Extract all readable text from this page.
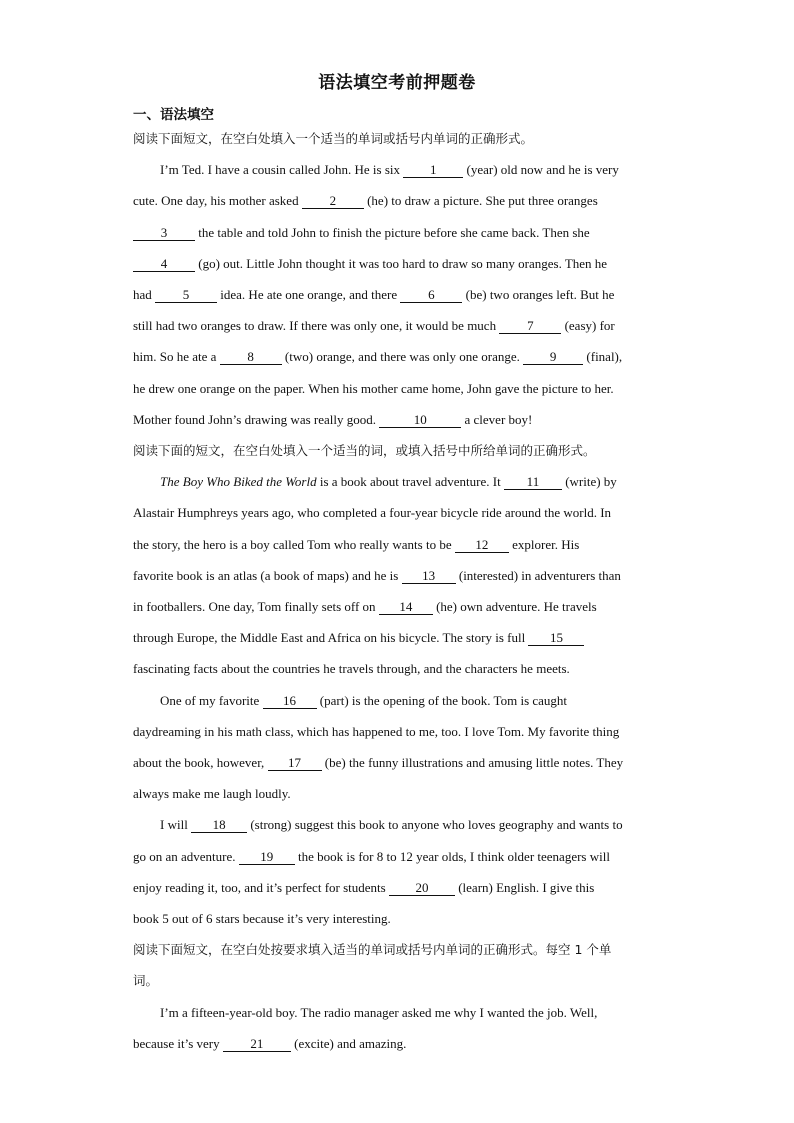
语法填空考前押题卷
一、语法填空
阅读下面短文，在空白处填入一个适当的单词或括号内单词的正确形式。
I’m Ted. I have a cousin called John. He is six 1 (year) old now and he is very
cute. One day, his mother asked 2 (he) to draw a picture. She put three oranges
3 the table and told John to finish the picture before she came back. Then she
4 (go) out. Little John thought it was too hard to draw so many oranges. Then he
had 5 idea. He ate one orange, and there 6 (be) two oranges left. But he
still had two oranges to draw. If there was only one, it would be much 7 (easy) for
him. So he ate a 8 (two) orange, and there was only one orange. 9 (final),
he drew one orange on the paper. When his mother came home, John gave the picture to her.
Mother found John’s drawing was really good.	10	a clever boy!
阅读下面的短文，在空白处填入一个适当的词，或填入括号中所给单词的正确形式。
The Boy Who Biked the World is a book about travel adventure. It 11 (write) by
Alastair Humphreys years ago, who completed a four-year bicycle ride around the world. In
the story, the hero is a boy called Tom who really wants to be 12 explorer. His
favorite book is an atlas (a book of maps) and he is 13 (interested) in adventurers than
in footballers. One day, Tom finally sets off on 14 (he) own adventure. He travels
through Europe, the Middle East and Africa on his bicycle. The story is full 15
fascinating facts about the countries he travels through, and the characters he meets.
One of my favorite 16 (part) is the opening of the book. Tom is caught
daydreaming in his math class, which has happened to me, too. I love Tom. My favorite thing
about the book, however, 17 (be) the funny illustrations and amusing little notes. They
always make me laugh loudly.
I will 18 (strong) suggest this book to anyone who loves geography and wants to
go on an adventure. 19 the book is for 8 to 12 year olds, I think older teenagers will
enjoy reading it, too, and it’s perfect for students 20 (learn) English. I give this
book 5 out of 6 stars because it’s very interesting.
阅读下面短文，在空白处按要求填入适当的单词或括号内单词的正确形式。每空 1 个单
词。
I’m a fifteen-year-old boy. The radio manager asked me why I wanted the job. Well,
because it’s very 21 (excite) and amazing.
